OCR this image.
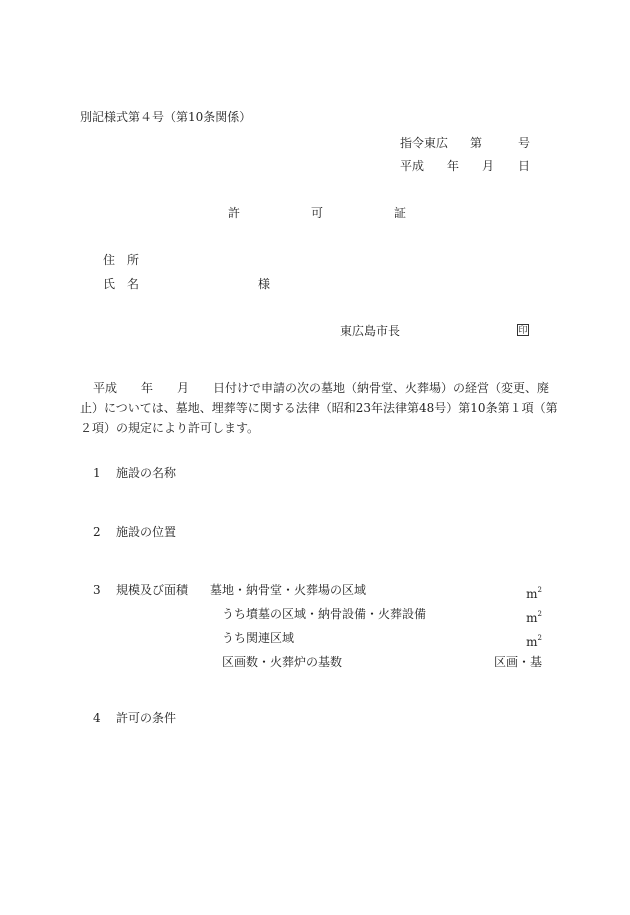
別記様式第４号（第10条関係）
指令東広 第	号
平成 年 月 日
許	可	証
住　所
氏　名	様
東広島市長	印
平成　　年　　月　　日付けで申請の次の墓地（納骨堂、火葬場）の経営（変更、廃
止）については、墓地、埋葬等に関する法律（昭和23年法律第48号）第10条第１項（第
２項）の規定により許可します。
1 施設の名称
2 施設の位置
3 規模及び面積
4 許可の条件
墓地・納骨堂・火葬場の区域	$m^2$
うち墳墓の区域・納骨設備・火葬設備	$m^2$
うち関連区域	$m^2$
区画数・火葬炉の基数	区画・基
